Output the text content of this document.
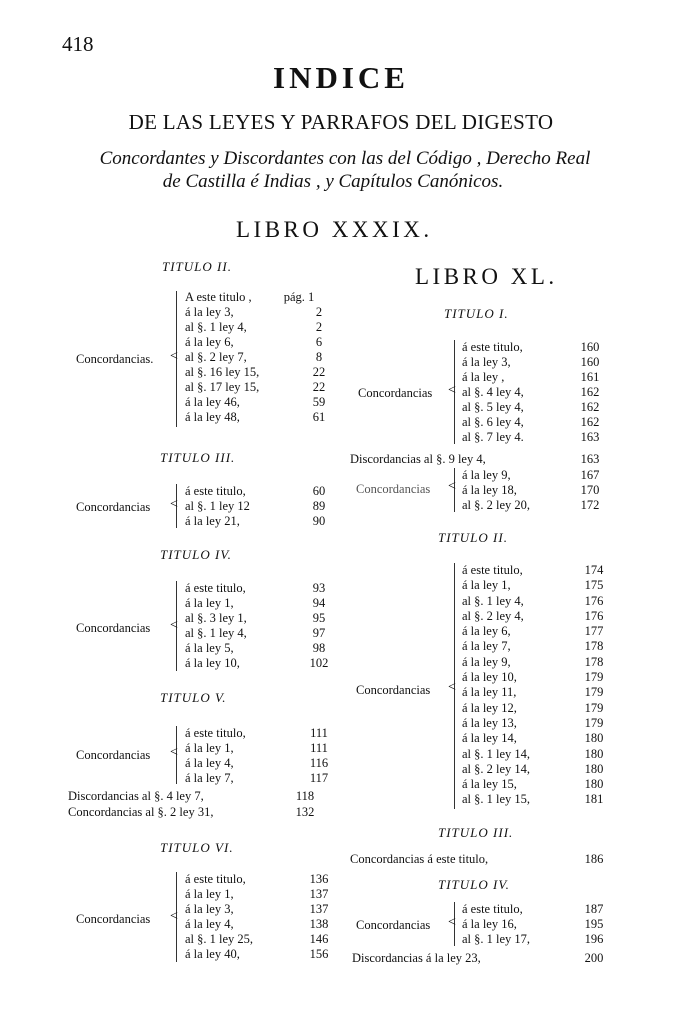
418
INDICE
DE LAS LEYES Y PARRAFOS DEL DIGESTO
Concordantes y Discordantes con las del Código , Derecho Real
de Castilla é Indias , y Capítulos Canónicos.
LIBRO XXXIX.
LIBRO XL.
TITULO II.
Concordancias. <
A este titulo ,	pág. 1
á la ley 3,	2
al §. 1 ley 4,	2
á la ley 6,	6
al §. 2 ley 7,	8
al §. 16 ley 15,	22
al §. 17 ley 15,	22
á la ley 46,	59
á la ley 48,	61
TITULO III.
Concordancias <
á este titulo,	60
al §. 1 ley 12	89
á la ley 21,	90
TITULO IV.
Concordancias <
á este titulo,	93
á la ley 1,	94
al §. 3 ley 1,	95
al §. 1 ley 4,	97
á la ley 5,	98
á la ley 10,	102
TITULO V.
Concordancias <
á este titulo,	111
á la ley 1,	111
á la ley 4,	116
á la ley 7,	117
Discordancias al §. 4 ley 7,	118
Concordancias al §. 2 ley 31,	132
TITULO VI.
Concordancias <
á este titulo,	136
á la ley 1,	137
á la ley 3,	137
á la ley 4,	138
al §. 1 ley 25,	146
á la ley 40,	156
TITULO I.
Concordancias <
á este titulo,	160
á la ley 3,	160
á la ley ,	161
al §. 4 ley 4,	162
al §. 5 ley 4,	162
al §. 6 ley 4,	162
al §. 7 ley 4.	163
Discordancias al §. 9 ley 4,	163
Concordancias <
á la ley 9,	167
á la ley 18,	170
al §. 2 ley 20,	172
TITULO II.
Concordancias <
á este titulo,	174
á la ley 1,	175
al §. 1 ley 4,	176
al §. 2 ley 4,	176
á la ley 6,	177
á la ley 7,	178
á la ley 9,	178
á la ley 10,	179
á la ley 11,	179
á la ley 12,	179
á la ley 13,	179
á la ley 14,	180
al §. 1 ley 14,	180
al §. 2 ley 14,	180
á la ley 15,	180
al §. 1 ley 15,	181
TITULO III.
Concordancias á este titulo,	186
TITULO IV.
Concordancias <
á este titulo,	187
á la ley 16,	195
al §. 1 ley 17,	196
Discordancias á la ley 23,	200
